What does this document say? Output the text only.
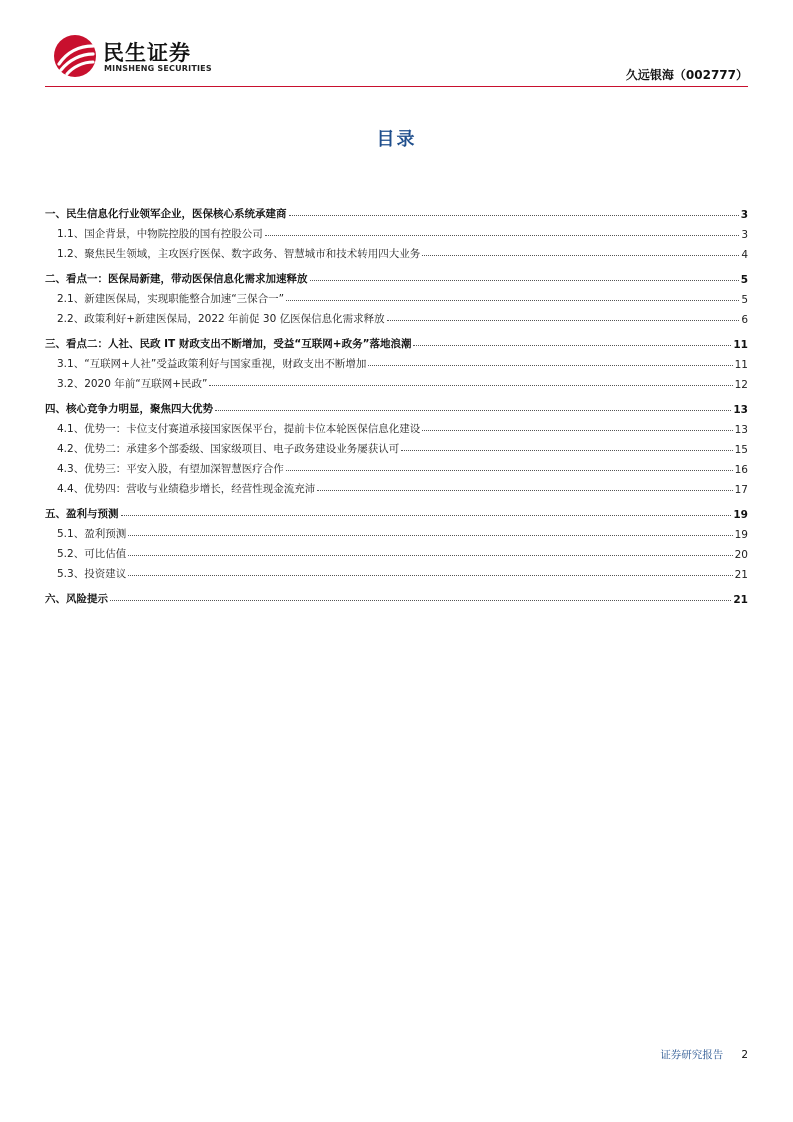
民生证券
MINSHENG SECURITIES	久远银海（002777）
目录
一、民生信息化行业领军企业，医保核心系统承建商	3
1.1、国企背景，中物院控股的国有控股公司	3
1.2、聚焦民生领域，主攻医疗医保、数字政务、智慧城市和技术转用四大业务	4
二、看点一：医保局新建，带动医保信息化需求加速释放	5
2.1、新建医保局，实现职能整合加速“三保合一”	5
2.2、政策利好+新建医保局，2022 年前促 30 亿医保信息化需求释放	6
三、看点二：人社、民政 IT 财政支出不断增加，受益“互联网+政务”落地浪潮	11
3.1、“互联网+人社”受益政策利好与国家重视，财政支出不断增加	11
3.2、2020 年前“互联网+民政”	12
四、核心竞争力明显，聚焦四大优势	13
4.1、优势一：卡位支付赛道承接国家医保平台，提前卡位本轮医保信息化建设	13
4.2、优势二：承建多个部委级、国家级项目、电子政务建设业务屡获认可	15
4.3、优势三：平安入股，有望加深智慧医疗合作	16
4.4、优势四：营收与业绩稳步增长，经营性现金流充沛	17
五、盈利与预测	19
5.1、盈利预测	19
5.2、可比估值	20
5.3、投资建议	21
六、风险提示	21
证券研究报告 2
